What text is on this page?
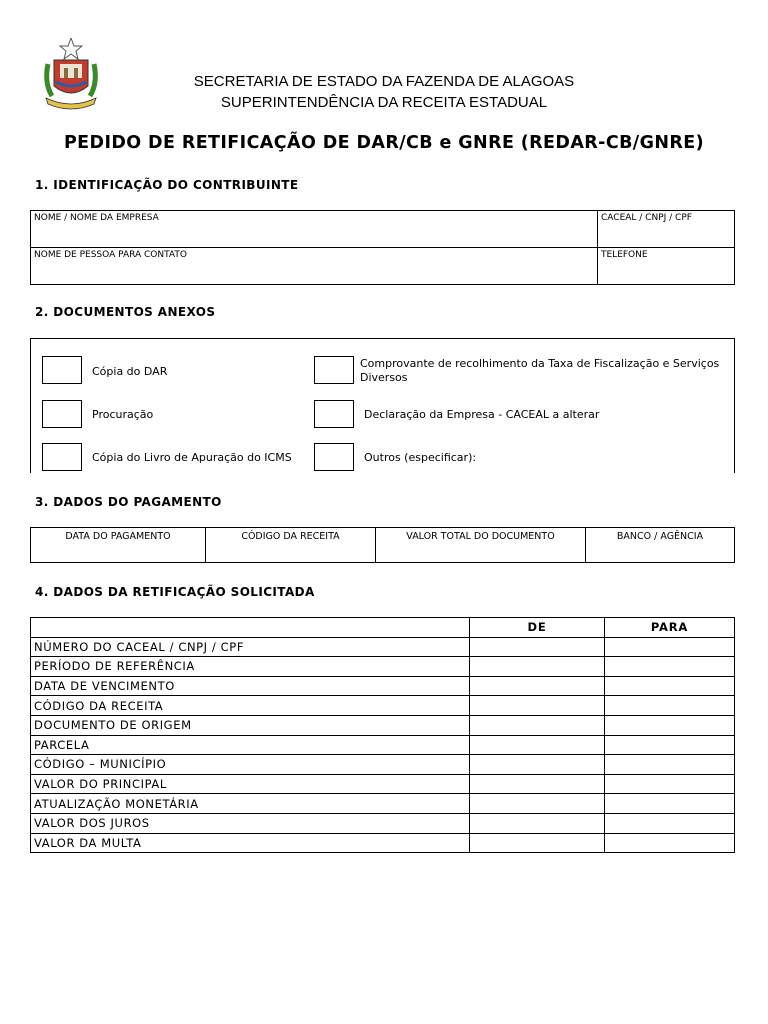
SECRETARIA DE ESTADO DA FAZENDA DE ALAGOAS
SUPERINTENDÊNCIA DA RECEITA ESTADUAL
PEDIDO DE RETIFICAÇÃO DE DAR/CB e GNRE (REDAR-CB/GNRE)
1. IDENTIFICAÇÃO DO CONTRIBUINTE
NOME / NOME DA EMPRESA	CACEAL / CNPJ / CPF
NOME DE PESSOA PARA CONTATO	TELEFONE
2. DOCUMENTOS ANEXOS
Cópia do DAR
Comprovante de recolhimento da Taxa de Fiscalização e Serviços Diversos
Procuração	Declaração da Empresa - CACEAL a alterar
Cópia do Livro de Apuração do ICMS	Outros (especificar):
3. DADOS DO PAGAMENTO
DATA DO PAGAMENTO	CÓDIGO DA RECEITA	VALOR TOTAL DO DOCUMENTO	BANCO / AGÊNCIA
4. DADOS DA RETIFICAÇÃO SOLICITADA
	DE	PARA
NÚMERO DO CACEAL / CNPJ / CPF		
PERÍODO DE REFERÊNCIA		
DATA DE VENCIMENTO		
CÓDIGO DA RECEITA		
DOCUMENTO DE ORIGEM		
PARCELA		
CÓDIGO – MUNICÍPIO		
VALOR DO PRINCIPAL		
ATUALIZAÇÃO MONETÁRIA		
VALOR DOS JUROS		
VALOR DA MULTA		
